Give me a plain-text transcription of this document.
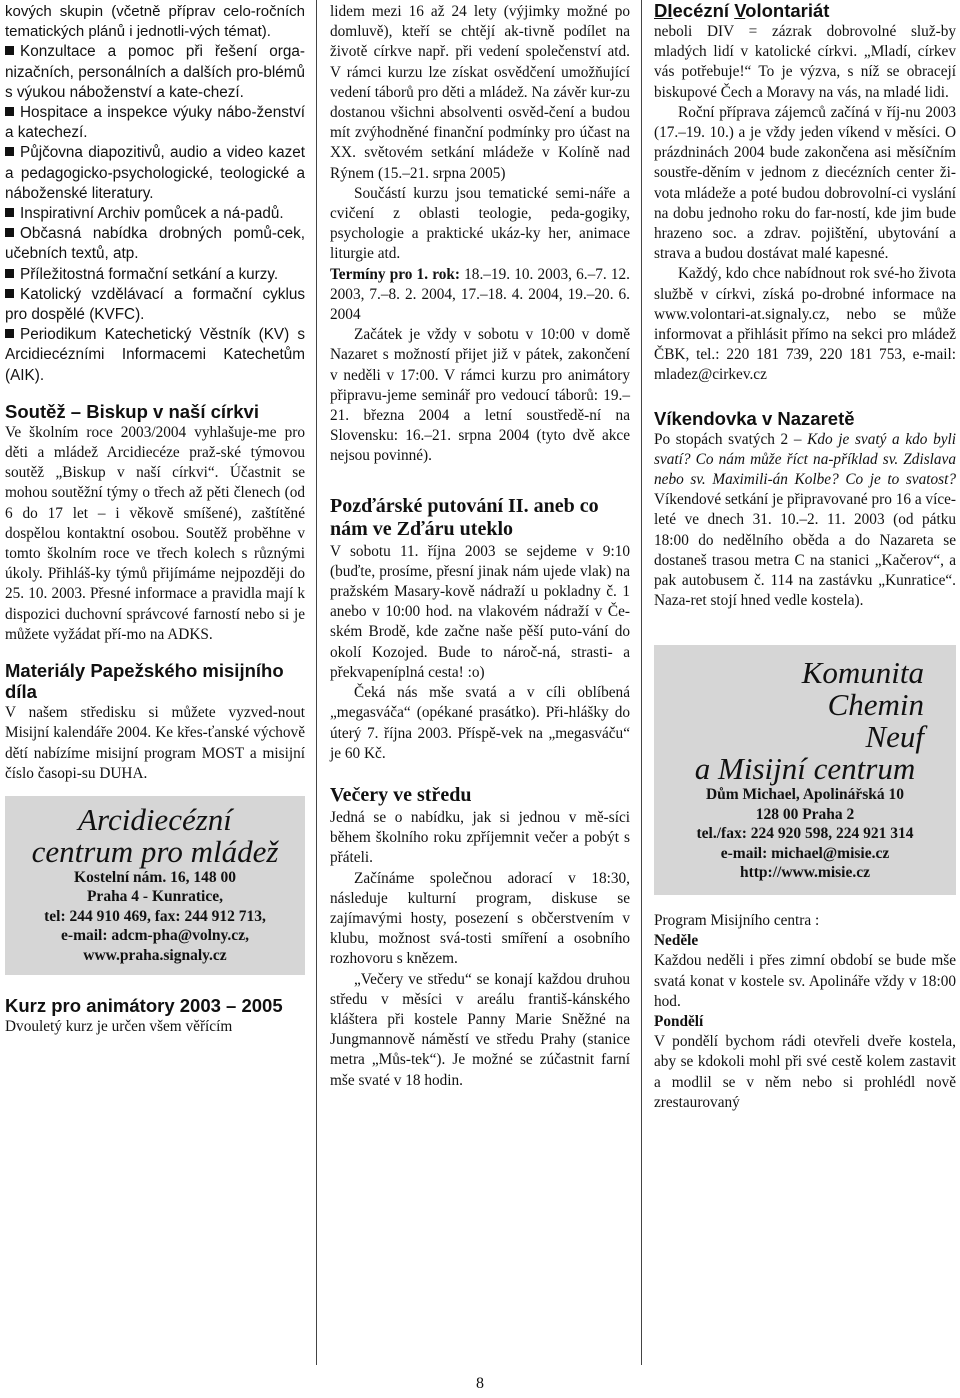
kových skupin (včetně příprav celo-ročních tematických plánů i jednotli-vých témat).

Konzultace a pomoc při řešení orga-nizačních, personálních a dalších pro-blémů s výukou náboženství a kate-chezí.
Hospitace a inspekce výuky nábo-ženství a katechezí.
Půjčovna diapozitivů, audio a video kazet a pedagogicko-psychologické, teologické a náboženské literatury.
Inspirativní Archiv pomůcek a ná-padů.
Občasná nabídka drobných pomů-cek, učebních textů, atp.
Příležitostná formační setkání a kurzy.
Katolický vzdělávací a formační cyklus pro dospělé (KVFC).
Periodikum Katechetický Věstník (KV) s Arcidiecézními Informacemi Katechetům (AIK).
Soutěž – Biskup v naší církvi

Ve školním roce 2003/2004 vyhlašuje-me pro děti a mládež Arcidiecéze praž-ské týmovou soutěž „Biskup v naší církvi“. Účastnit se mohou soutěžní týmy o třech až pěti členech (od 6 do 17 let – i věkově smíšené), zaštítěné dospělou kontaktní osobou. Soutěž proběhne v tomto školním roce ve třech kolech s různými úkoly. Přihláš-ky týmů přijímáme nejpozději do 25. 10. 2003. Přesné informace a pravidla mají k dispozici duchovní správcové farností nebo si je můžete vyžádat pří-mo na ADKS.

Materiály Papežského misijního díla

V našem středisku si můžete vyzved-nout Misijní kalendáře 2004. Ke křes-ťanské výchově dětí nabízíme misijní program MOST a misijní číslo časopi-su DUHA.

Arcidiecézní
centrum pro mládež
Kostelní nám. 16, 148 00
Praha 4 - Kunratice,
tel: 244 910 469, fax: 244 912 713,
e-mail: adcm-pha@volny.cz,
www.praha.signaly.cz
Kurz pro animátory 2003 – 2005

Dvouletý kurz je určen všem věřícím

lidem mezi 16 až 24 lety (výjimky možné po domluvě), kteří se chtějí ak-tivně podílet na životě církve např. při vedení společenství atd. V rámci kurzu lze získat osvědčení umožňující vedení táborů pro děti a mládež. Na závěr kur-zu dostanou všichni absolventi osvěd-čení a budou mít zvýhodněné finanční podmínky pro účast na XX. světovém setkání mládeže v Kolíně nad Rýnem (15.–21. srpna 2005)

Součástí kurzu jsou tematické semi-náře a cvičení z oblasti teologie, peda-gogiky, psychologie a praktické ukáz-ky her, animace liturgie atd.

Termíny pro 1. rok: 18.–19. 10. 2003, 6.–7. 12. 2003, 7.–8. 2. 2004, 17.–18. 4. 2004, 19.–20. 6. 2004

Začátek je vždy v sobotu v 10:00 v domě Nazaret s možností přijet již v pátek, zakončení v neděli v 17:00. V rámci kurzu pro animátory připravu-jeme seminář pro vedoucí táborů: 19.–21. března 2004 a letní soustředě-ní na Slovensku: 16.–21. srpna 2004 (tyto dvě akce nejsou povinné).

Pozďárské putování II. aneb co nám ve Zďáru uteklo

V sobotu 11. října 2003 se sejdeme v 9:10 (buďte, prosíme, přesní jinak nám ujede vlak) na pražském Masary-kově nádraží u pokladny č. 1 anebo v 10:00 hod. na vlakovém nádraží v Če-ském Brodě, kde začne naše pěší puto-vání do okolí Kozojed. Bude to nároč-ná, strasti- a překvapeníplná cesta! :o)

Čeká nás mše svatá a v cíli oblíbená „megasváča“ (opékané prasátko). Při-hlášky do úterý 7. října 2003. Příspě-vek na „megasváču“ je 60 Kč.

Večery ve středu

Jedná se o nabídku, jak si jednou v mě-síci během školního roku zpříjemnit večer a pobýt s přáteli.

Začínáme společnou adorací v 18:30, následuje kulturní program, diskuse se zajímavými hosty, posezení s občerstvením v klubu, možnost svá-tosti smíření a osobního rozhovoru s knězem.

„Večery ve středu“ se konají každou druhou středu v měsíci v areálu františ-kánského kláštera při kostele Panny Marie Sněžné na Jungmannově náměstí ve středu Prahy (stanice metra „Můs-tek“). Je možné se zúčastnit farní mše svaté v 18 hodin.

DIecézní Volontariát

neboli DIV = zázrak dobrovolné služ-by mladých lidí v katolické církvi. „Mladí, církev vás potřebuje!“ To je výzva, s níž se obracejí biskupové Čech a Moravy na vás, na mladé lidi.

Roční příprava zájemců začíná v říj-nu 2003 (17.–19. 10.) a je vždy jeden víkend v měsíci. O prázdninách 2004 bude zakončena asi měsíčním soustře-děním v jednom z diecézních center ži-vota mládeže a poté budou dobrovolní-ci vyslání na dobu jednoho roku do far-ností, kde jim bude hrazeno soc. a zdrav. pojištění, ubytování a strava a budou dostávat malé kapesné.

Každý, kdo chce nabídnout rok své-ho života službě v církvi, získá po-drobné informace na www.volontari-at.signaly.cz, nebo se může informovat a přihlásit přímo na sekci pro mládež ČBK, tel.: 220 181 739, 220 181 753, e-mail: mladez@cirkev.cz

Víkendovka v Nazaretě

Po stopách svatých 2 – Kdo je svatý a kdo byli svatí? Co nám může říct na-příklad sv. Zdislava nebo sv. Maximili-án Kolbe? Co je to svatost? Víkendové setkání je připravované pro 16 a více-leté ve dnech 31. 10.–2. 11. 2003 (od pátku 18:00 do nedělního oběda a do Nazareta se dostaneš trasou metra C na stanici „Kačerov“, a pak autobusem č. 114 na zastávku „Kunratice“. Naza-ret stojí hned vedle kostela).

Komunita
Chemin
Neuf
a Misijní centrum
Dům Michael, Apolinářská 10
128 00 Praha 2
tel./fax: 224 920 598, 224 921 314
e-mail: michael@misie.cz
http://www.misie.cz

Program Misijního centra :

Neděle

Každou neděli i přes zimní období se bude mše svatá konat v kostele sv. Apolináře vždy v 18:00 hod.

Pondělí

V pondělí bychom rádi otevřeli dveře kostela, aby se kdokoli mohl při své cestě kolem zastavit a modlil se v něm nebo si prohlédl nově zrestaurovaný

8
